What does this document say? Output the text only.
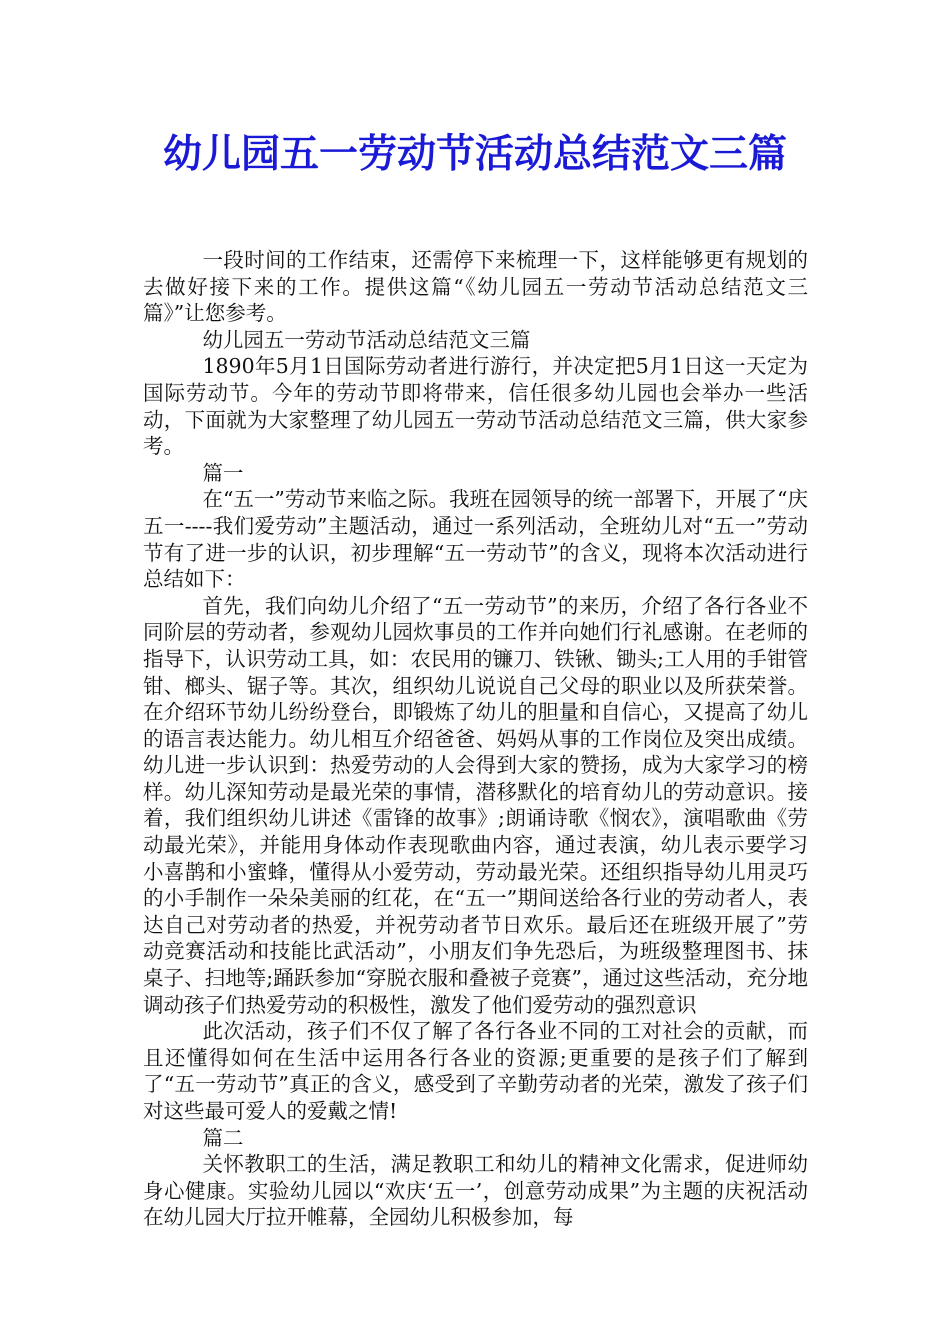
幼儿园五一劳动节活动总结范文三篇

一段时间的工作结束，还需停下来梳理一下，这样能够更有规划的去做好接下来的工作。提供这篇“《幼儿园五一劳动节活动总结范文三篇》”让您参考。

幼儿园五一劳动节活动总结范文三篇

1890年5月1日国际劳动者进行游行，并决定把5月1日这一天定为国际劳动节。今年的劳动节即将带来，信任很多幼儿园也会举办一些活动，下面就为大家整理了幼儿园五一劳动节活动总结范文三篇，供大家参考。

篇一

在“五一”劳动节来临之际。我班在园领导的统一部署下，开展了“庆五一----我们爱劳动”主题活动，通过一系列活动，全班幼儿对“五一”劳动节有了进一步的认识，初步理解“五一劳动节”的含义，现将本次活动进行总结如下：

首先，我们向幼儿介绍了“五一劳动节”的来历，介绍了各行各业不同阶层的劳动者，参观幼儿园炊事员的工作并向她们行礼感谢。在老师的指导下，认识劳动工具，如：农民用的镰刀、铁锹、锄头;工人用的手钳管钳、榔头、锯子等。其次，组织幼儿说说自己父母的职业以及所获荣誉。在介绍环节幼儿纷纷登台，即锻炼了幼儿的胆量和自信心，又提高了幼儿的语言表达能力。幼儿相互介绍爸爸、妈妈从事的工作岗位及突出成绩。幼儿进一步认识到：热爱劳动的人会得到大家的赞扬，成为大家学习的榜样。幼儿深知劳动是最光荣的事情，潜移默化的培育幼儿的劳动意识。接着，我们组织幼儿讲述《雷锋的故事》;朗诵诗歌《悯农》，演唱歌曲《劳动最光荣》，并能用身体动作表现歌曲内容，通过表演，幼儿表示要学习小喜鹊和小蜜蜂，懂得从小爱劳动，劳动最光荣。还组织指导幼儿用灵巧的小手制作一朵朵美丽的红花，在“五一”期间送给各行业的劳动者人，表达自己对劳动者的热爱，并祝劳动者节日欢乐。最后还在班级开展了”劳动竞赛活动和技能比武活动”，小朋友们争先恐后，为班级整理图书、抹桌子、扫地等;踊跃参加“穿脱衣服和叠被子竞赛”，通过这些活动，充分地调动孩子们热爱劳动的积极性，激发了他们爱劳动的强烈意识

此次活动，孩子们不仅了解了各行各业不同的工对社会的贡献，而且还懂得如何在生活中运用各行各业的资源;更重要的是孩子们了解到了“五一劳动节”真正的含义，感受到了辛勤劳动者的光荣，激发了孩子们对这些最可爱人的爱戴之情!

篇二

关怀教职工的生活，满足教职工和幼儿的精神文化需求，促进师幼身心健康。实验幼儿园以“欢庆‘五一’，创意劳动成果”为主题的庆祝活动在幼儿园大厅拉开帷幕，全园幼儿积极参加，每
